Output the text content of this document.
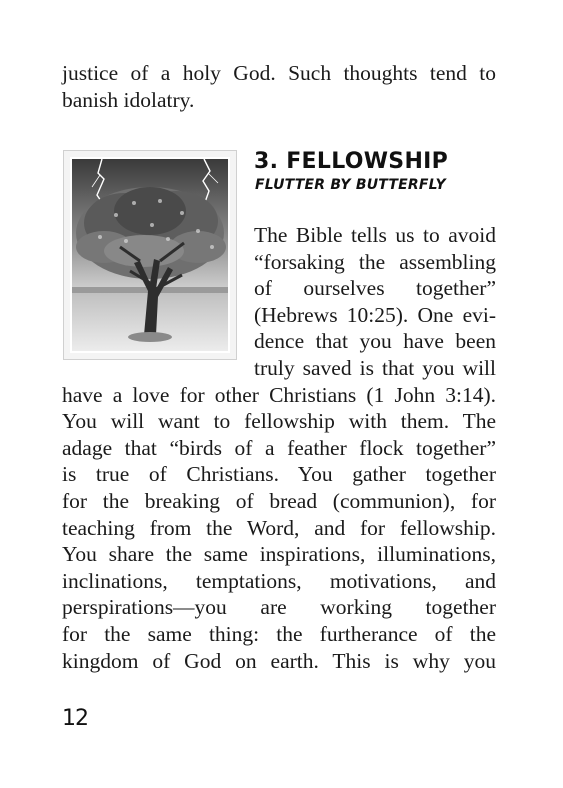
justice of a holy God. Such thoughts tend to

banish idolatry.

3. FELLOWSHIP
FLUTTER BY BUTTERFLY

The Bible tells us to avoid

“forsaking the assembling

of ourselves together”

(Hebrews 10:25). One evi-

dence that you have been

truly saved is that you will

have a love for other Christians (1 John 3:14).

You will want to fellowship with them. The

adage that “birds of a feather flock together”

is true of Christians. You gather together

for the breaking of bread (communion), for

teaching from the Word, and for fellowship.

You share the same inspirations, illuminations,

inclinations, temptations, motivations, and

perspirations—you are working together

for the same thing: the furtherance of the

kingdom of God on earth. This is why you

12
